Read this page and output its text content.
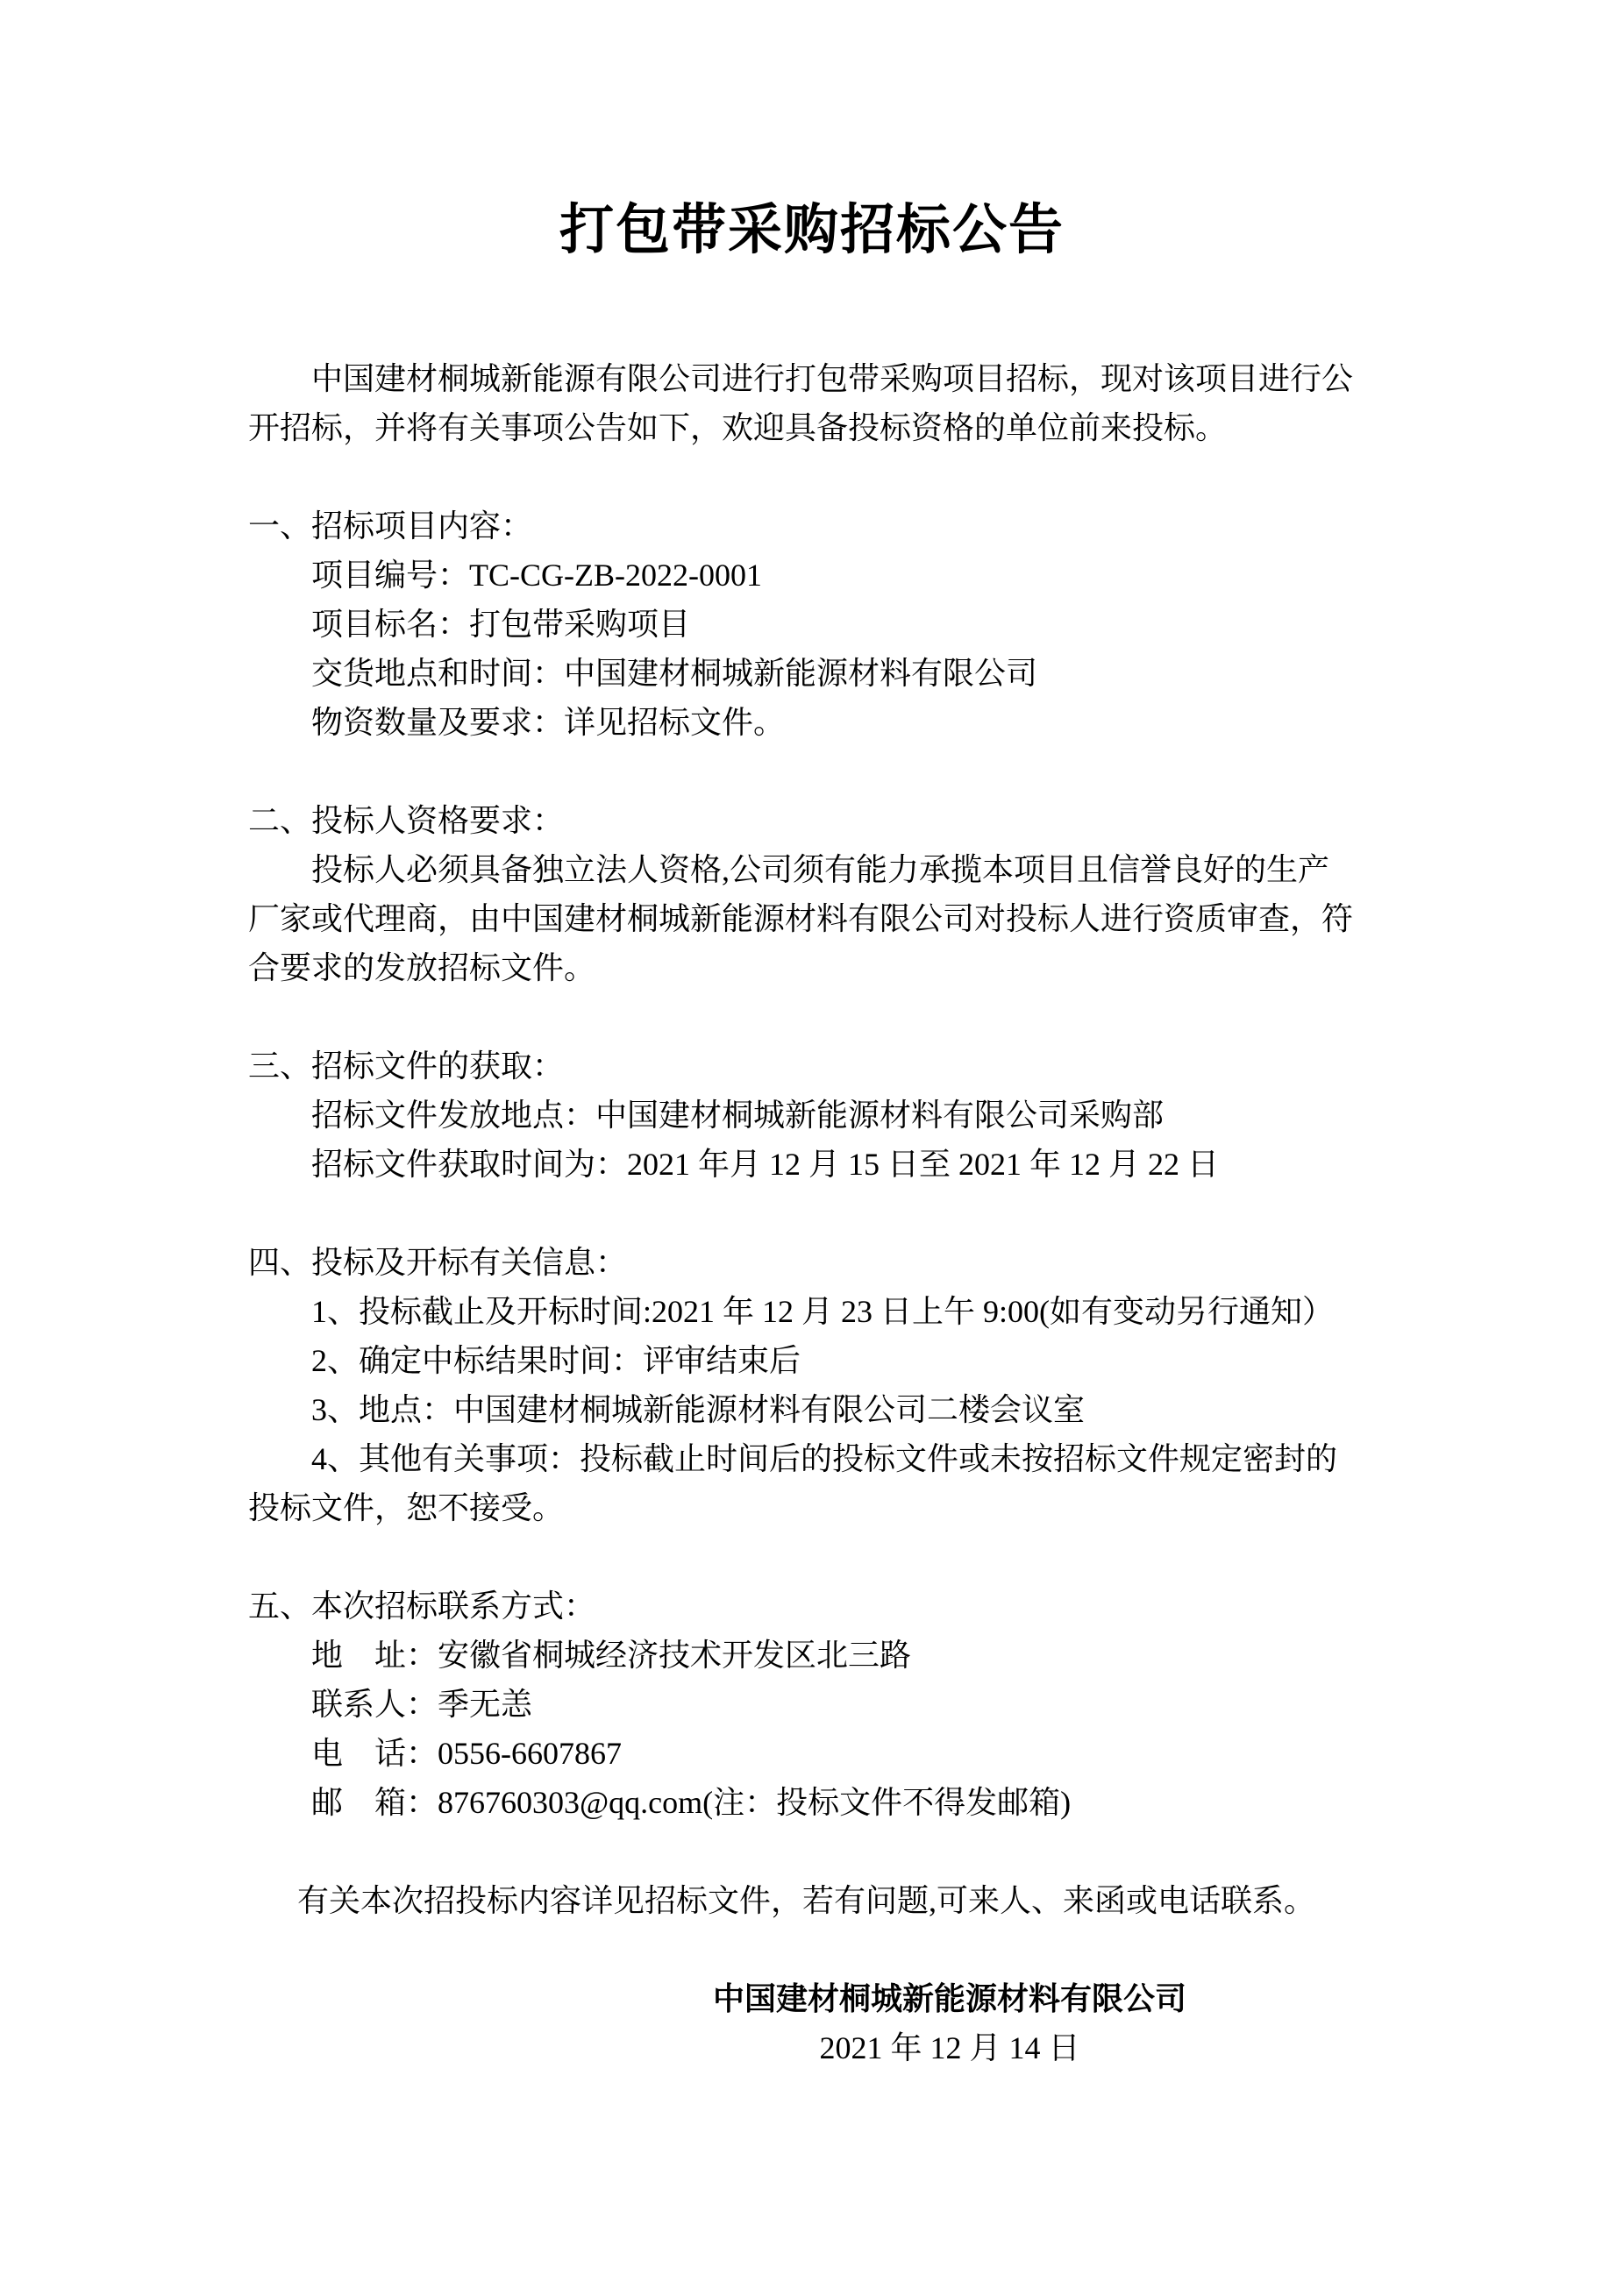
打包带采购招标公告
中国建材桐城新能源有限公司进行打包带采购项目招标，现对该项目进行公
开招标，并将有关事项公告如下，欢迎具备投标资格的单位前来投标。
一、招标项目内容：
项目编号：TC-CG-ZB-2022-0001
项目标名：打包带采购项目
交货地点和时间：中国建材桐城新能源材料有限公司
物资数量及要求：详见招标文件。
二、投标人资格要求：
投标人必须具备独立法人资格,公司须有能力承揽本项目且信誉良好的生产
厂家或代理商，由中国建材桐城新能源材料有限公司对投标人进行资质审查，符
合要求的发放招标文件。
三、招标文件的获取：
招标文件发放地点：中国建材桐城新能源材料有限公司采购部
招标文件获取时间为：2021 年月 12 月 15 日至 2021 年 12 月 22 日
四、投标及开标有关信息：
1、投标截止及开标时间:2021 年 12 月 23 日上午 9:00(如有变动另行通知）
2、确定中标结果时间：评审结束后
3、地点：中国建材桐城新能源材料有限公司二楼会议室
4、其他有关事项：投标截止时间后的投标文件或未按招标文件规定密封的
投标文件，恕不接受。
五、本次招标联系方式：
地　址：安徽省桐城经济技术开发区北三路
联系人：季无恙
电　话：0556-6607867
邮　箱：876760303@qq.com(注：投标文件不得发邮箱)
有关本次招投标内容详见招标文件，若有问题,可来人、来函或电话联系。
中国建材桐城新能源材料有限公司
2021 年 12 月 14 日
